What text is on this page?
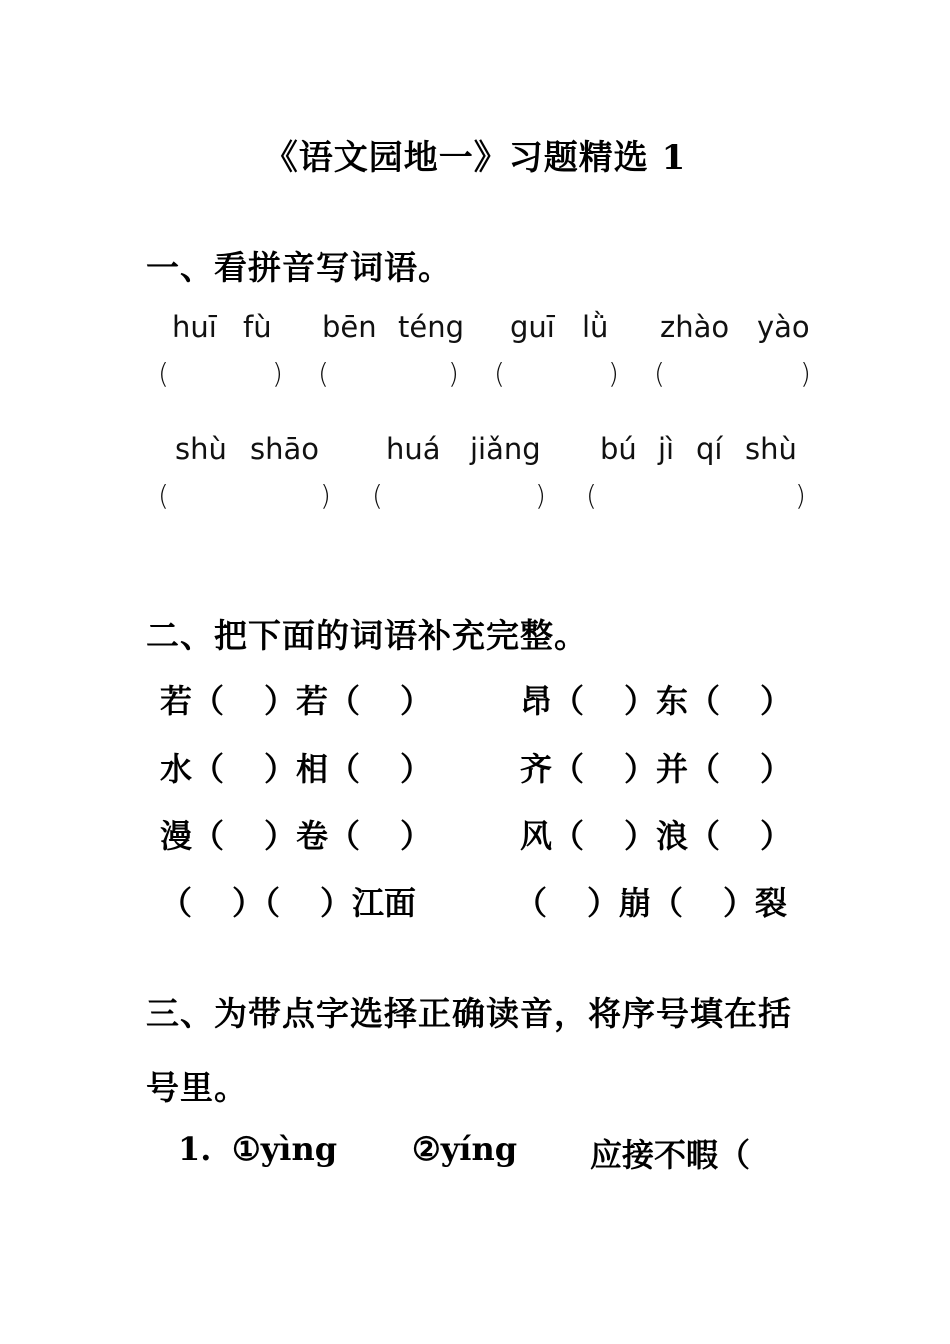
《语文园地一》习题精选 1
一、看拼音写词语。
huī fù bēn téng guī lǜ zhào yào
(	) (	) (	) (	)
shù shāo huá jiǎng bú jì qí shù
(	) (	) (	)
二、把下面的词语补充完整。
若（ ）若（ ）	昂（ ）东（ ）
水（ ）相（ ）	齐（ ）并（ ）
漫（ ）卷（ ）	风（ ）浪（ ）
（ ）（ ）江面	（ ）崩（ ）裂
三、为带点字选择正确读音，将序号填在括
号里。
1. ①yìng ②yíng 应接不暇（
